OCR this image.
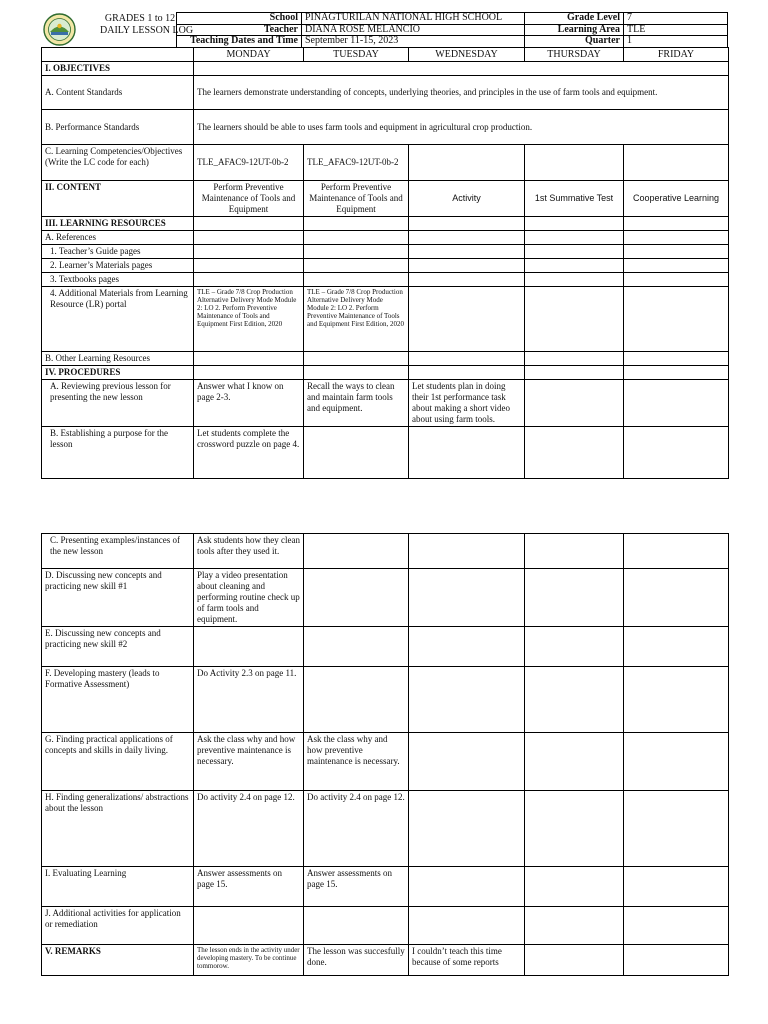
GRADES 1 to 12
DAILY LESSON LOG
School	PINAGTURILAN NATIONAL HIGH SCHOOL
Teacher	DIANA ROSE MELANCIO
Teaching Dates and Time	September 11-15, 2023
Grade Level	7
Learning Area	TLE
Quarter	1
	MONDAY	TUESDAY	WEDNESDAY	THURSDAY	FRIDAY
I. OBJECTIVES					
A. Content Standards	The learners demonstrate understanding of concepts, underlying theories, and principles in the use of farm tools and equipment.				
B. Performance Standards	The learners should be able to uses farm tools and equipment in agricultural crop production.				
C. Learning Competencies/Objectives (Write the LC code for each)	TLE_AFAC9-12UT-0b-2	TLE_AFAC9-12UT-0b-2			
II. CONTENT	Perform Preventive Maintenance of Tools and Equipment	Perform Preventive Maintenance of Tools and Equipment	Activity	1st Summative Test	Cooperative Learning
III. LEARNING RESOURCES					
A. References					
1. Teacher’s Guide pages					
2. Learner’s Materials pages					
3. Textbooks pages					
4. Additional Materials from Learning Resource (LR) portal	TLE – Grade 7/8 Crop Production Alternative Delivery Mode Module 2: LO 2. Perform Preventive Maintenance of Tools and Equipment First Edition, 2020	TLE – Grade 7/8 Crop Production Alternative Delivery Mode Module 2: LO 2. Perform Preventive Maintenance of Tools and Equipment First Edition, 2020			
B. Other Learning Resources					
IV. PROCEDURES					
A. Reviewing previous lesson for presenting the new lesson	Answer what I know on page 2-3.	Recall the ways to clean and maintain farm tools and equipment.	Let students plan in doing their 1st performance task about making a short video about using farm tools.		
B. Establishing a purpose for the lesson	Let students complete the crossword puzzle on page 4.				
C. Presenting examples/instances of the new lesson	Ask students how they clean tools after they used it.				
D. Discussing new concepts and practicing new skill #1	Play a video presentation about cleaning and performing routine check up of farm tools and equipment.				
E. Discussing new concepts and practicing new skill #2					
F. Developing mastery (leads to Formative Assessment)	Do Activity 2.3 on page 11.				
G. Finding practical applications of concepts and skills in daily living.	Ask the class why and how preventive maintenance is necessary.	Ask the class why and how preventive maintenance is necessary.			
H. Finding generalizations/ abstractions about the lesson	Do activity 2.4 on page 12.	Do activity 2.4 on page 12.			
I. Evaluating Learning	Answer assessments on page 15.	Answer assessments on page 15.			
J. Additional activities for application or remediation					
V. REMARKS	The lesson ends in the activity under developing mastery. To be continue tommorow.	The lesson was succesfully done.	I couldn’t teach this time because of some reports		
